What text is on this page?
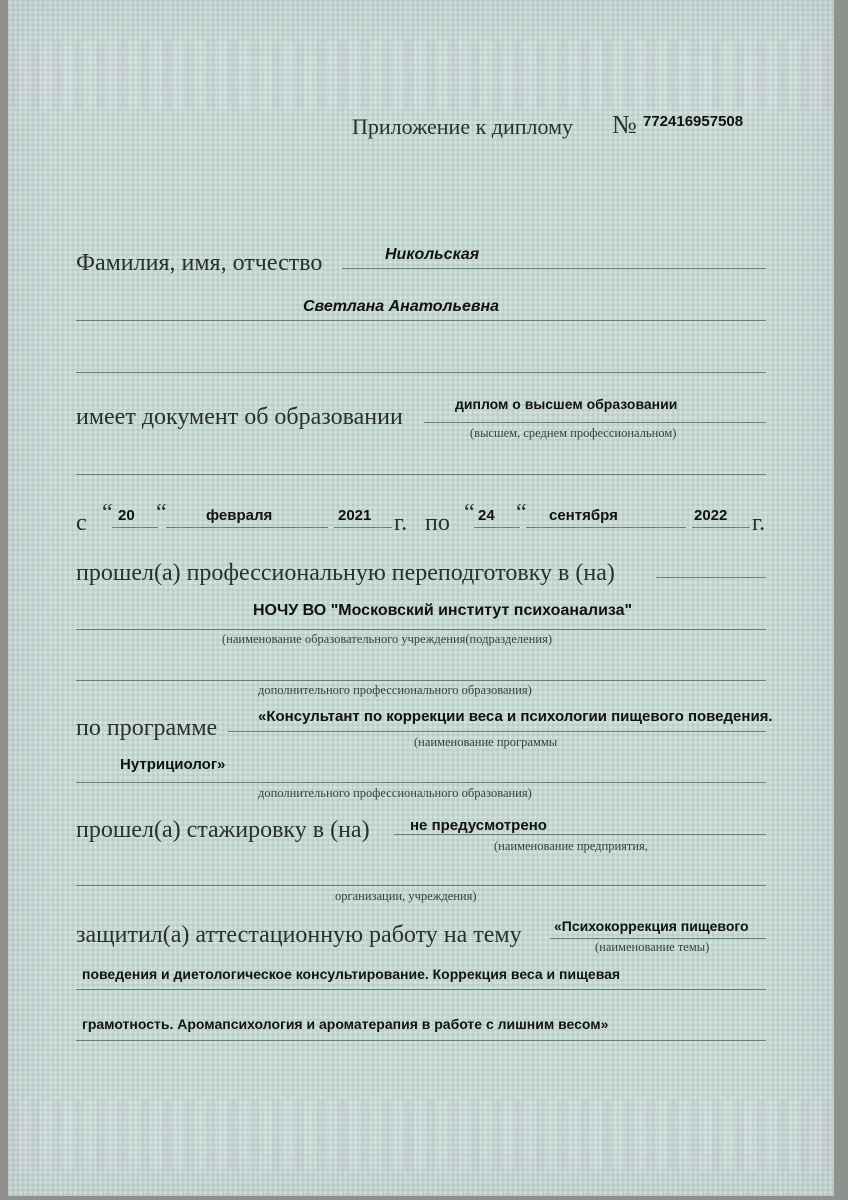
Приложение к диплому № 772416957508
Фамилия, имя, отчество	Никольская
Светлана Анатольевна
имеет документ об образовании	диплом о высшем образовании
(высшем, среднем профессиональном)
с “ 20 “	февраля	2021 г. по “ 24 “ сентября	2022 г.
прошел(а) профессиональную переподготовку в (на)
НОЧУ ВО "Московский институт психоанализа"
(наименование образовательного учреждения(подразделения)
дополнительного профессионального образования)
по программе	«Консультант по коррекции веса и психологии пищевого поведения.
(наименование программы
Нутрициолог»
дополнительного профессионального образования)
прошел(а) стажировку в (на)	не предусмотрено
(наименование предприятия,
организации, учреждения)
защитил(а) аттестационную работу на тему «Психокоррекция пищевого
(наименование темы)
поведения и диетологическое консультирование. Коррекция веса и пищевая
грамотность. Аромапсихология и ароматерапия в работе с лишним весом»
